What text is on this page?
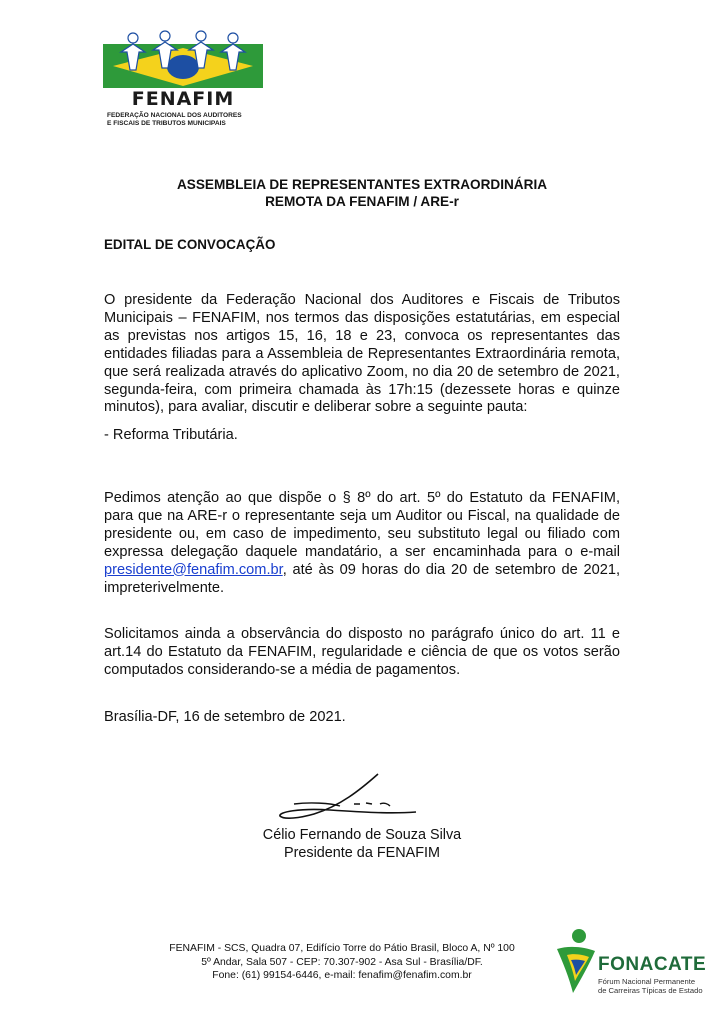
FENAFIM
FEDERAÇÃO NACIONAL DOS AUDITORES
E FISCAIS DE TRIBUTOS MUNICIPAIS
ASSEMBLEIA DE REPRESENTANTES EXTRAORDINÁRIA
REMOTA DA FENAFIM / ARE-r
EDITAL DE CONVOCAÇÃO
O presidente da Federação Nacional dos Auditores e Fiscais de Tributos Municipais – FENAFIM, nos termos das disposições estatutárias, em especial as previstas nos artigos 15, 16, 18 e 23, convoca os representantes das entidades filiadas para a Assembleia de Representantes Extraordinária remota, que será realizada através do aplicativo Zoom, no dia 20 de setembro de 2021, segunda-feira, com primeira chamada às 17h:15 (dezessete horas e quinze minutos), para avaliar, discutir e deliberar sobre a seguinte pauta:
- Reforma Tributária.
Pedimos atenção ao que dispõe o § 8º do art. 5º do Estatuto da FENAFIM, para que na ARE-r o representante seja um Auditor ou Fiscal, na qualidade de presidente ou, em caso de impedimento, seu substituto legal ou filiado com expressa delegação daquele mandatário, a ser encaminhada para o e-mail presidente@fenafim.com.br, até às 09 horas do dia 20 de setembro de 2021, impreterivelmente.
Solicitamos ainda a observância do disposto no parágrafo único do art. 11 e art.14 do Estatuto da FENAFIM, regularidade e ciência de que os votos serão computados considerando-se a média de pagamentos.
Brasília-DF, 16 de setembro de 2021.
Célio Fernando de Souza Silva
Presidente da FENAFIM
FENAFIM - SCS, Quadra 07, Edifício Torre do Pátio Brasil, Bloco A, Nº 100
5º Andar, Sala 507 - CEP: 70.307-902 - Asa Sul - Brasília/DF.
Fone: (61) 99154-6446, e-mail: fenafim@fenafim.com.br
FONACATE
Fórum Nacional Permanente
de Carreiras Típicas de Estado
